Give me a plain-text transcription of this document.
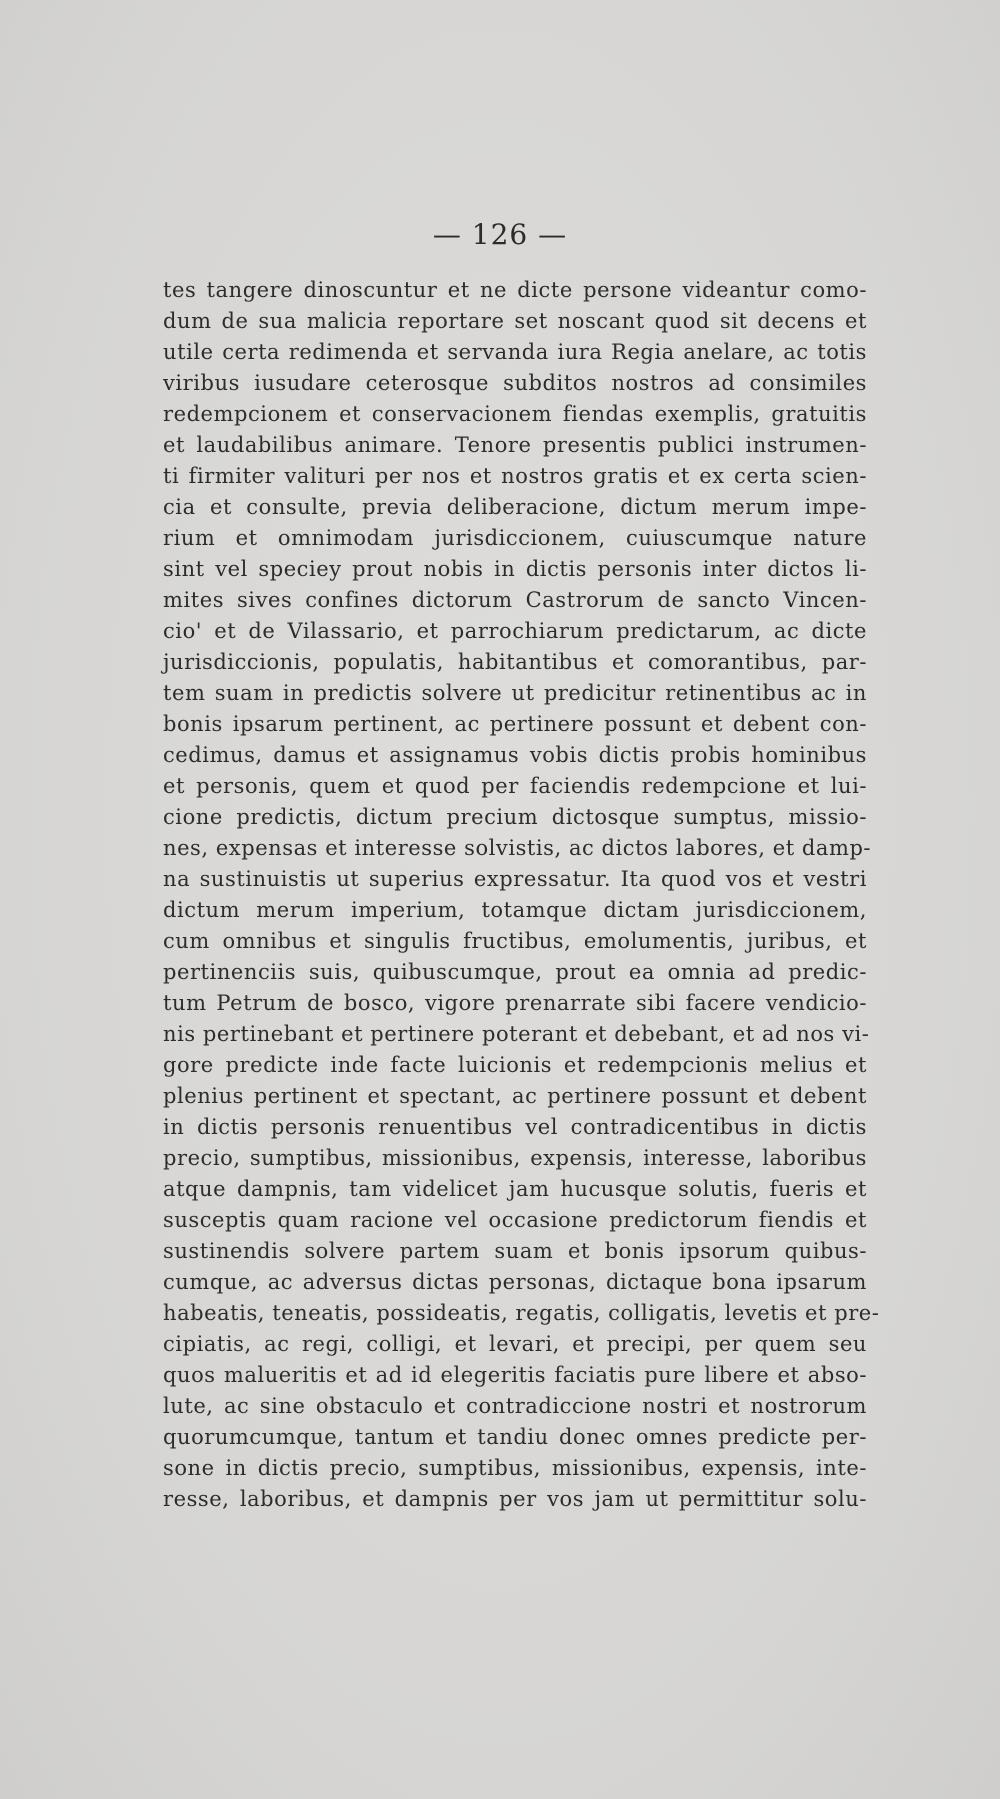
— 126 —

tes tangere dinoscuntur et ne dicte persone videantur como-
dum de sua malicia reportare set noscant quod sit decens et
utile certa redimenda et servanda iura Regia anelare, ac totis
viribus iusudare ceterosque subditos nostros ad consimiles
redempcionem et conservacionem fiendas exemplis, gratuitis
et laudabilibus animare. Tenore presentis publici instrumen-
ti firmiter valituri per nos et nostros gratis et ex certa scien-
cia et consulte, previa deliberacione, dictum merum impe-
rium et omnimodam jurisdiccionem, cuiuscumque nature
sint vel speciey prout nobis in dictis personis inter dictos li-
mites sives confines dictorum Castrorum de sancto Vincen-
cio' et de Vilassario, et parrochiarum predictarum, ac dicte
jurisdiccionis, populatis, habitantibus et comorantibus, par-
tem suam in predictis solvere ut predicitur retinentibus ac in
bonis ipsarum pertinent, ac pertinere possunt et debent con-
cedimus, damus et assignamus vobis dictis probis hominibus
et personis, quem et quod per faciendis redempcione et lui-
cione predictis, dictum precium dictosque sumptus, missio-
nes, expensas et interesse solvistis, ac dictos labores, et damp-
na sustinuistis ut superius expressatur. Ita quod vos et vestri
dictum merum imperium, totamque dictam jurisdiccionem,
cum omnibus et singulis fructibus, emolumentis, juribus, et
pertinenciis suis, quibuscumque, prout ea omnia ad predic-
tum Petrum de bosco, vigore prenarrate sibi facere vendicio-
nis pertinebant et pertinere poterant et debebant, et ad nos vi-
gore predicte inde facte luicionis et redempcionis melius et
plenius pertinent et spectant, ac pertinere possunt et debent
in dictis personis renuentibus vel contradicentibus in dictis
precio, sumptibus, missionibus, expensis, interesse, laboribus
atque dampnis, tam videlicet jam hucusque solutis, fueris et
susceptis quam racione vel occasione predictorum fiendis et
sustinendis solvere partem suam et bonis ipsorum quibus-
cumque, ac adversus dictas personas, dictaque bona ipsarum
habeatis, teneatis, possideatis, regatis, colligatis, levetis et pre-
cipiatis, ac regi, colligi, et levari, et precipi, per quem seu
quos malueritis et ad id elegeritis faciatis pure libere et abso-
lute, ac sine obstaculo et contradiccione nostri et nostrorum
quorumcumque, tantum et tandiu donec omnes predicte per-
sone in dictis precio, sumptibus, missionibus, expensis, inte-
resse, laboribus, et dampnis per vos jam ut permittitur solu-
